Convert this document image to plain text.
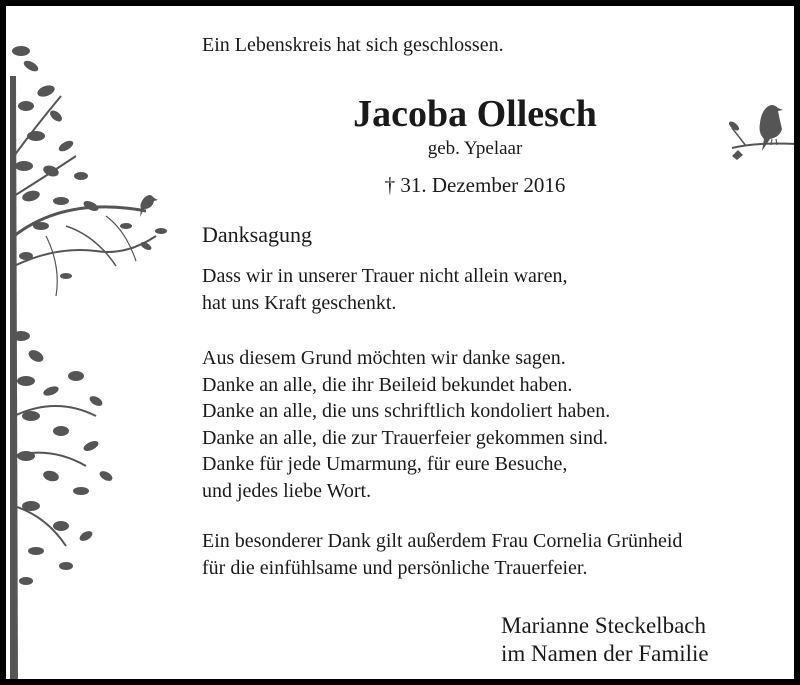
Ein Lebenskreis hat sich geschlossen.
Jacoba Ollesch
geb. Ypelaar
† 31. Dezember 2016
Danksagung
Dass wir in unserer Trauer nicht allein waren,
hat uns Kraft geschenkt.
Aus diesem Grund möchten wir danke sagen.
Danke an alle, die ihr Beileid bekundet haben.
Danke an alle, die uns schriftlich kondoliert haben.
Danke an alle, die zur Trauerfeier gekommen sind.
Danke für jede Umarmung, für eure Besuche,
und jedes liebe Wort.
Ein besonderer Dank gilt außerdem Frau Cornelia Grünheid
für die einfühlsame und persönliche Trauerfeier.
Marianne Steckelbach
im Namen der Familie
